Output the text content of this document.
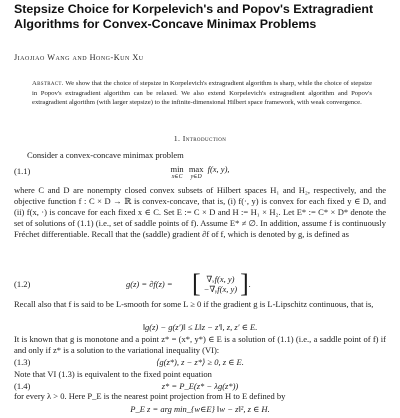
Stepsize Choice for Korpelevich's and Popov's Extragradient Algorithms for Convex-Concave Minimax Problems
Jiaojiao Wang and Hong-Kun Xu
Abstract. We show that the choice of stepsize in Korpelevich's extragradient algorithm is sharp, while the choice of stepsize in Popov's extragradient algorithm can be relaxed. We also extend Korpelevich's extragradient algorithm and Popov's extragradient algorithm (with larger stepsize) to the infinite-dimensional Hilbert space framework, with weak convergence.
1. Introduction
Consider a convex-concave minimax problem
(1.1)	min
x∈C
max
y∈D
f(x, y),
where C and D are nonempty closed convex subsets of Hilbert spaces H₁ and H₂, respectively, and the objective function f : C × D → ℝ is convex-concave, that is, (i) f(·, y) is convex for each fixed y ∈ D, and (ii) f(x, ·) is concave for each fixed x ∈ C. Set E := C × D and H := H₁ × H₂. Let E* := C* × D* denote the set of solutions of (1.1) (i.e., set of saddle points of f). Assume E* ≠ ∅. In addition, assume f is continuously Fréchet differentiable. Recall that the (saddle) gradient ∂f of f, which is denoted by g, is defined as
(1.2)	g(z) = ∂f(z) = [ ∇ₓf(x, y)
−∇ᵧf(x, y) ] .
Recall also that f is said to be L-smooth for some L ≥ 0 if the gradient g is L-Lipschitz continuous, that is,
‖g(z) − g(z′)‖ ≤ L‖z − z′‖, z, z′ ∈ E.
It is known that g is monotone and a point z* = (x*, y*) ∈ E is a solution of (1.1) (i.e., a saddle point of f) if and only if z* is a solution to the variational inequality (VI):
(1.3)	⟨g(z*), z − z*⟩ ≥ 0, z ∈ E.
Note that VI (1.3) is equivalent to the fixed point equation
(1.4)	z* = P_E(z* − λg(z*))
for every λ > 0. Here P_E is the nearest point projection from H to E defined by
P_E z = arg min_{w∈E} ‖w − z‖², z ∈ H.
